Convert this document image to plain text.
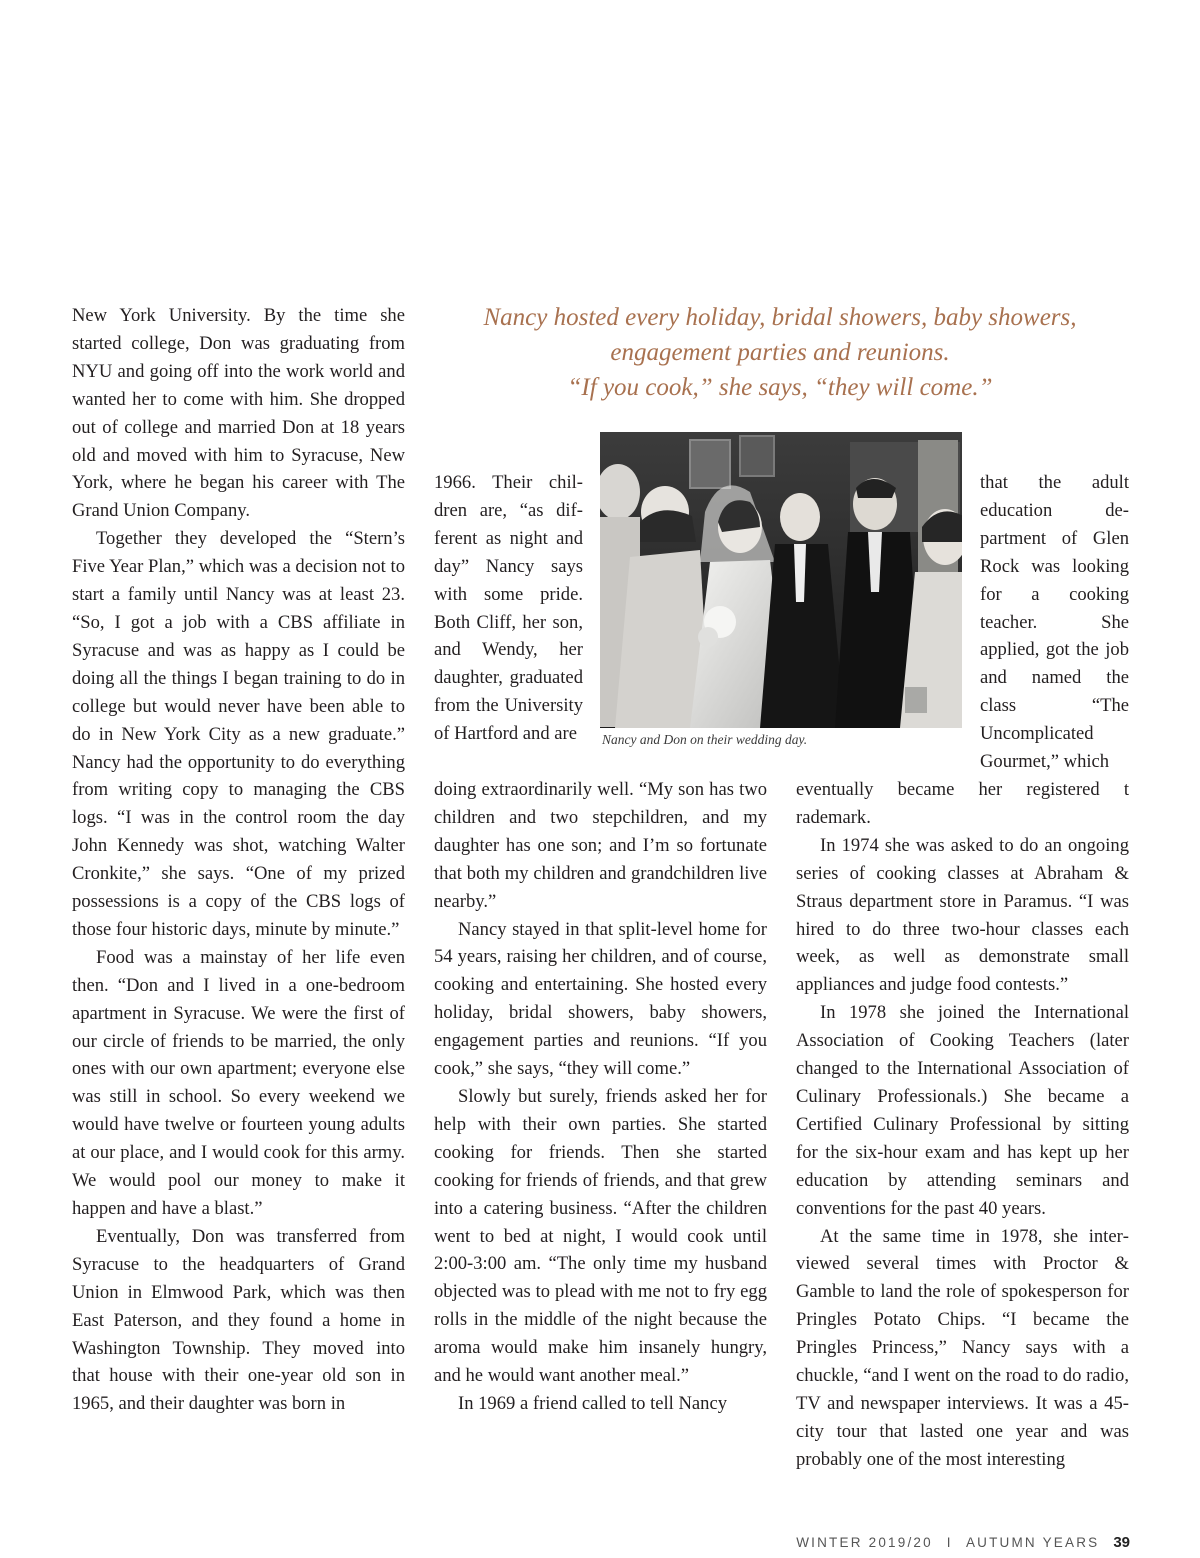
Nancy hosted every holiday, bridal showers, baby showers,
engagement parties and reunions.
“If you cook,” she says, “they will come.”

New York University. By the time she started college, Don was graduating from NYU and going off into the work world and wanted her to come with him. She dropped out of college and married Don at 18 years old and moved with him to Syracuse, New York, where he began his career with The Grand Union Company.

Together they developed the “Stern’s Five Year Plan,” which was a decision not to start a family until Nancy was at least 23. “So, I got a job with a CBS affiliate in Syracuse and was as happy as I could be doing all the things I began training to do in college but would never have been able to do in New York City as a new graduate.” Nancy had the opportunity to do everything from writing copy to managing the CBS logs. “I was in the control room the day John Kennedy was shot, watching Walter Cronkite,” she says. “One of my prized possessions is a copy of the CBS logs of those four historic days, minute by minute.”

Food was a mainstay of her life even then. “Don and I lived in a one-bedroom apartment in Syracuse. We were the first of our circle of friends to be married, the only ones with our own apartment; everyone else was still in school. So every weekend we would have twelve or fourteen young adults at our place, and I would cook for this army. We would pool our money to make it happen and have a blast.”

Eventually, Don was transferred from Syracuse to the headquarters of Grand Union in Elmwood Park, which was then East Paterson, and they found a home in Washington Township. They moved into that house with their one-year old son in 1965, and their daughter was born in

1966. Their children are, “as different as night and day” Nancy says with some pride. Both Cliff, her son, and Wendy, her daughter, graduated from the University of Hartford and are	Nancy and Don on their wedding day.

doing extraordinarily well. “My son has two children and two stepchildren, and my daughter has one son; and I’m so fortunate that both my children and grandchildren live nearby.”

Nancy stayed in that split-level home for 54 years, raising her children, and of course, cooking and entertaining. She hosted every holiday, bridal showers, baby showers, engagement parties and reunions. “If you cook,” she says, “they will come.”

Slowly but surely, friends asked her for help with their own parties. She started cooking for friends. Then she started cooking for friends of friends, and that grew into a catering business. “After the children went to bed at night, I would cook until 2:00-3:00 am. “The only time my husband objected was to plead with me not to fry egg rolls in the middle of the night because the aroma would make him insanely hungry, and he would want another meal.”

In 1969 a friend called to tell Nancy

that the adult education department of Glen Rock was looking for a cooking teacher. She applied, got the job and named the class “The Uncomplicated Gourmet,” which

eventually became her registered t rademark.

In 1974 she was asked to do an ongoing series of cooking classes at Abraham & Straus department store in Paramus. “I was hired to do three two-hour classes each week, as well as demonstrate small appliances and judge food contests.”

In 1978 she joined the International Association of Cooking Teachers (later changed to the International Association of Culinary Professionals.) She became a Certified Culinary Professional by sitting for the six-hour exam and has kept up her education by attending seminars and conventions for the past 40 years.

At the same time in 1978, she interviewed several times with Proctor & Gamble to land the role of spokesperson for Pringles Potato Chips. “I became the Pringles Princess,” Nancy says with a chuckle, “and I went on the road to do radio, TV and newspaper interviews. It was a 45-city tour that lasted one year and was probably one of the most interesting

WINTER 2019/20 I AUTUMN YEARS 39
